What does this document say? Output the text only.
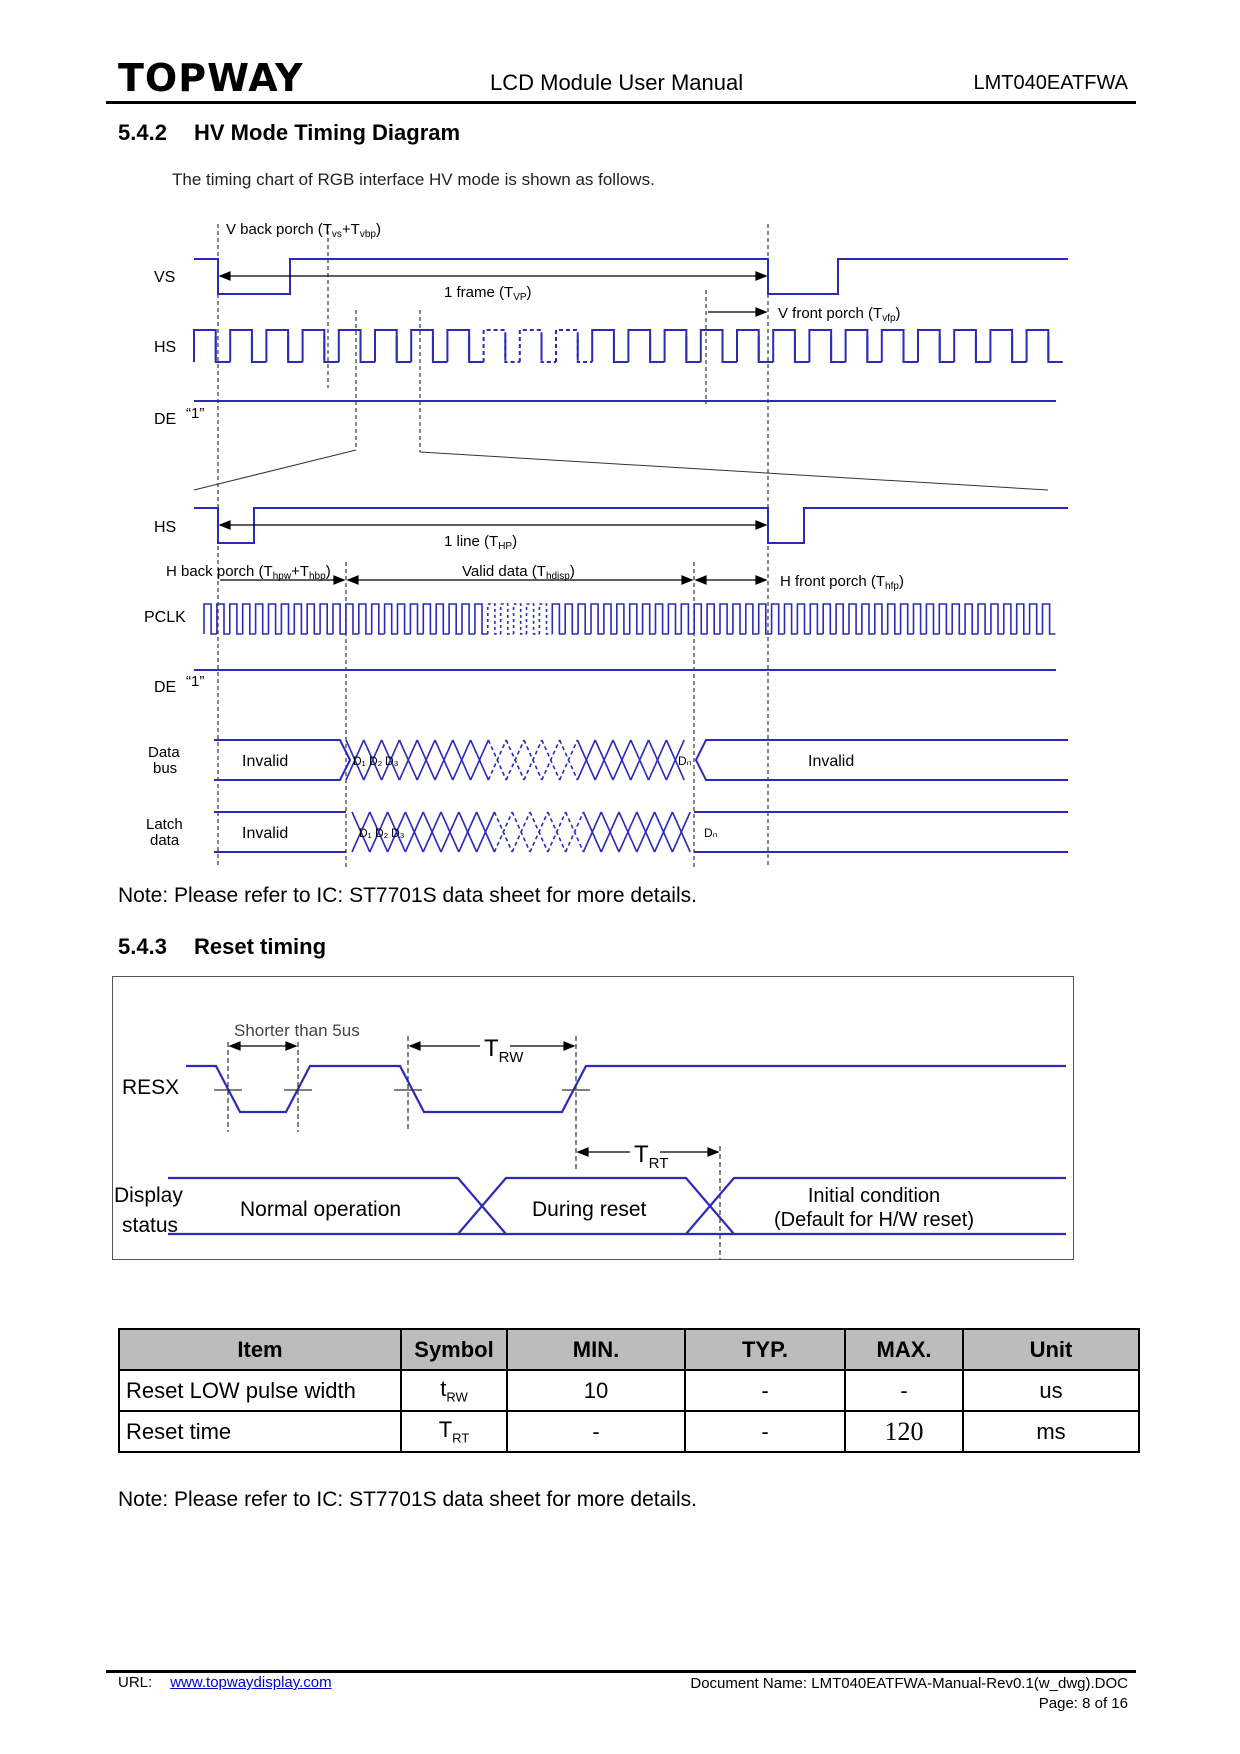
TOPWAY	LCD Module User Manual	LMT040EATFWA
5.4.2 HV Mode Timing Diagram
The timing chart of RGB interface HV mode is shown as follows.
VS
HS
DE “1”
HS
PCLK
DE “1”
Data
bus
Latch
data
Invalid	Invalid
Invalid
D₁ D₂ D₃	Dₙ
D₁ D₂ D₃	Dₙ
V back porch $(T_{vs}+T_{vbp})$
1 frame $(T_{VP})$
V front porch $(T_{vfp})$
1 line $(T_{HP})$
H back porch $(T_{hpw}+T_{hbp})$	Valid data $(T_{hdisp})$
H front porch $(T_{hfp})$
Note: Please refer to IC: ST7701S data sheet for more details.
5.4.3 Reset timing
RESX
Shorter than 5us
$T_{RW}$
$T_{RT}$
Display
status
Normal operation	During reset
Initial condition
(Default for H/W reset)
Item	Symbol	MIN.	TYP.	MAX.	Unit
Reset LOW pulse width	$t_{RW}$	10	-	-	us
Reset time	$T_{RT}$	-	-	120	ms
Note: Please refer to IC: ST7701S data sheet for more details.
URL: www.topwaydisplay.com	Document Name: LMT040EATFWA-Manual-Rev0.1(w_dwg).DOC
Page: 8 of 16
